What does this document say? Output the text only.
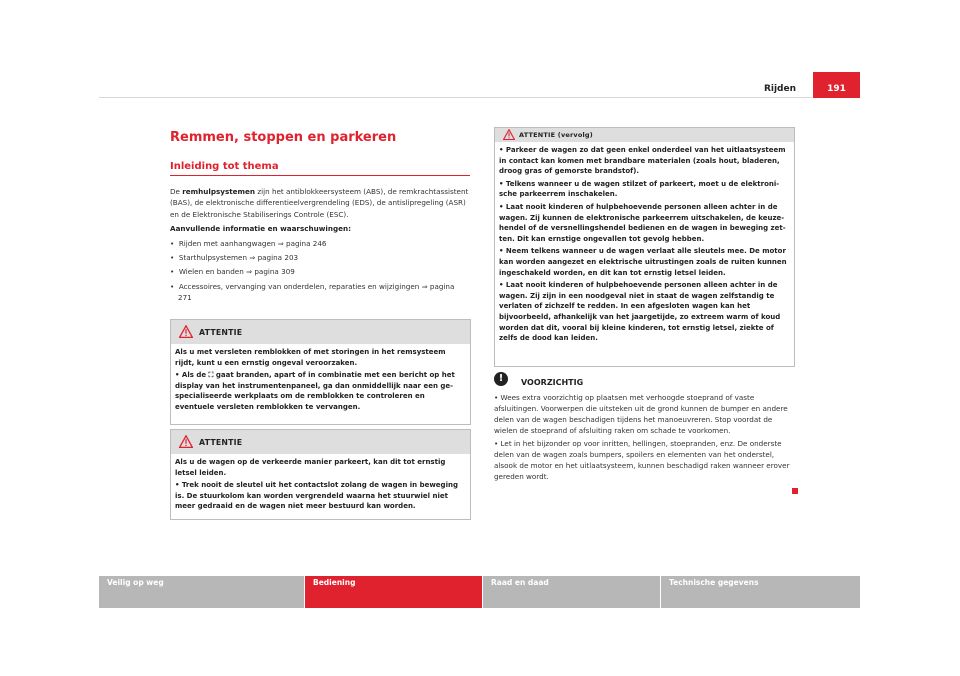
Rijden	191
Remmen, stoppen en parkeren
Inleiding tot thema

De remhulpsystemen zijn het antiblokkeersysteem (ABS), de remkrachtassistent (BAS), de elektronische differentieelvergrendeling (EDS), de antislipregeling (ASR) en de Elektronische Stabiliserings Controle (ESC).

Aanvullende informatie en waarschuwingen:

•  Rijden met aanhangwagen ⇒ pagina 246
•  Starthulpsystemen ⇒ pagina 203
•  Wielen en banden ⇒ pagina 309
•  Accessoires, vervanging van onderdelen, reparaties en wijzigingen ⇒ pagina 271
ATTENTIE

Als u met versleten remblokken of met storingen in het remsysteem rijdt, kunt u een ernstig ongeval veroorzaken.

• Als de ⛶ gaat branden, apart of in combinatie met een bericht op het display van het instrumentenpaneel, ga dan onmiddellijk naar een gespecialiseerde werkplaats om de remblokken te controleren en eventuele versleten remblokken te vervangen.

ATTENTIE

Als u de wagen op de verkeerde manier parkeert, kan dit tot ernstig letsel leiden.

• Trek nooit de sleutel uit het contactslot zolang de wagen in beweging is. De stuurkolom kan worden vergrendeld waarna het stuurwiel niet meer gedraaid en de wagen niet meer bestuurd kan worden.

ATTENTIE (vervolg)

• Parkeer de wagen zo dat geen enkel onderdeel van het uitlaatsysteem in contact kan komen met brandbare materialen (zoals hout, bladeren, droog gras of gemorste brandstof).

• Telkens wanneer u de wagen stilzet of parkeert, moet u de elektronische parkeerrem inschakelen.

• Laat nooit kinderen of hulpbehoevende personen alleen achter in de wagen. Zij kunnen de elektronische parkeerrem uitschakelen, de keuzehendel of de versnellingshendel bedienen en de wagen in beweging zetten. Dit kan ernstige ongevallen tot gevolg hebben.

• Neem telkens wanneer u de wagen verlaat alle sleutels mee. De motor kan worden aangezet en elektrische uitrustingen zoals de ruiten kunnen ingeschakeld worden, en dit kan tot ernstig letsel leiden.

• Laat nooit kinderen of hulpbehoevende personen alleen achter in de wagen. Zij zijn in een noodgeval niet in staat de wagen zelfstandig te verlaten of zichzelf te redden. In een afgesloten wagen kan het bijvoorbeeld, afhankelijk van het jaargetijde, zo extreem warm of koud worden dat dit, vooral bij kleine kinderen, tot ernstig letsel, ziekte of zelfs de dood kan leiden.

!	VOORZICHTIG

• Wees extra voorzichtig op plaatsen met verhoogde stoeprand of vaste afsluitingen. Voorwerpen die uitsteken uit de grond kunnen de bumper en andere delen van de wagen beschadigen tijdens het manoeuvreren. Stop voordat de wielen de stoeprand of afsluiting raken om schade te voorkomen.

• Let in het bijzonder op voor inritten, hellingen, stoepranden, enz. De onderste delen van de wagen zoals bumpers, spoilers en elementen van het onderstel, alsook de motor en het uitlaatsysteem, kunnen beschadigd raken wanneer erover gereden wordt.

Veilig op weg	Bediening	Raad en daad	Technische gegevens
